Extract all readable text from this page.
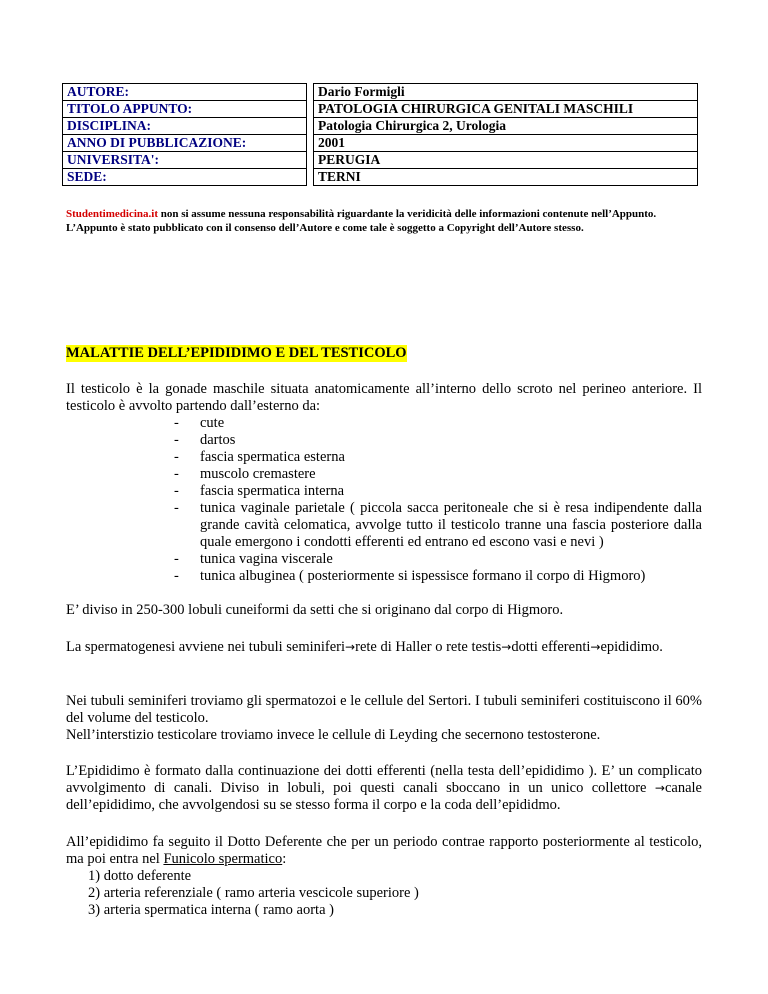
AUTORE:		Dario Formigli
TITOLO APPUNTO:		PATOLOGIA CHIRURGICA GENITALI MASCHILI
DISCIPLINA:		Patologia Chirurgica 2, Urologia
ANNO DI PUBBLICAZIONE:		2001
UNIVERSITA':		PERUGIA
SEDE:		TERNI

Studentimedicina.it non si assume nessuna responsabilità riguardante la veridicità delle informazioni contenute nell’Appunto. L’Appunto è stato pubblicato con il consenso dell’Autore e come tale è soggetto a Copyright dell’Autore stesso.

MALATTIE DELL’EPIDIDIMO E DEL TESTICOLO

Il testicolo è la gonade maschile situata anatomicamente all’interno dello scroto nel perineo anteriore. Il testicolo è avvolto partendo dall’esterno da:

- cute
- dartos
- fascia spermatica esterna
- muscolo cremastere
- fascia spermatica interna
- tunica vaginale parietale ( piccola sacca peritoneale che si è resa indipendente dalla grande cavità celomatica, avvolge tutto il testicolo tranne una fascia posteriore dalla quale emergono i condotti efferenti ed entrano ed escono vasi e nevi )
- tunica vagina viscerale
- tunica albuginea ( posteriormente si ispessisce formano il corpo di Higmoro)

E’ diviso in 250-300 lobuli cuneiformi da setti che si originano dal corpo di Higmoro.

La spermatogenesi avviene nei tubuli seminiferi→rete di Haller o rete testis→dotti efferenti→epididimo.

Nei tubuli seminiferi troviamo gli spermatozoi e le cellule del Sertori. I tubuli seminiferi costituiscono il 60% del volume del testicolo.

Nell’interstizio testicolare troviamo invece le cellule di Leyding che secernono testosterone.

L’Epididimo è formato dalla continuazione dei dotti efferenti (nella testa dell’epididimo ). E’ un complicato avvolgimento di canali. Diviso in lobuli, poi questi canali sboccano in un unico collettore →canale dell’epididimo, che avvolgendosi su se stesso forma il corpo e la coda dell’epididmo.

All’epididimo fa seguito il Dotto Deferente che per un periodo contrae rapporto posteriormente al testicolo, ma poi entra nel Funicolo spermatico:

1) dotto deferente
2) arteria referenziale ( ramo arteria vescicole superiore )
3) arteria spermatica interna ( ramo aorta )
